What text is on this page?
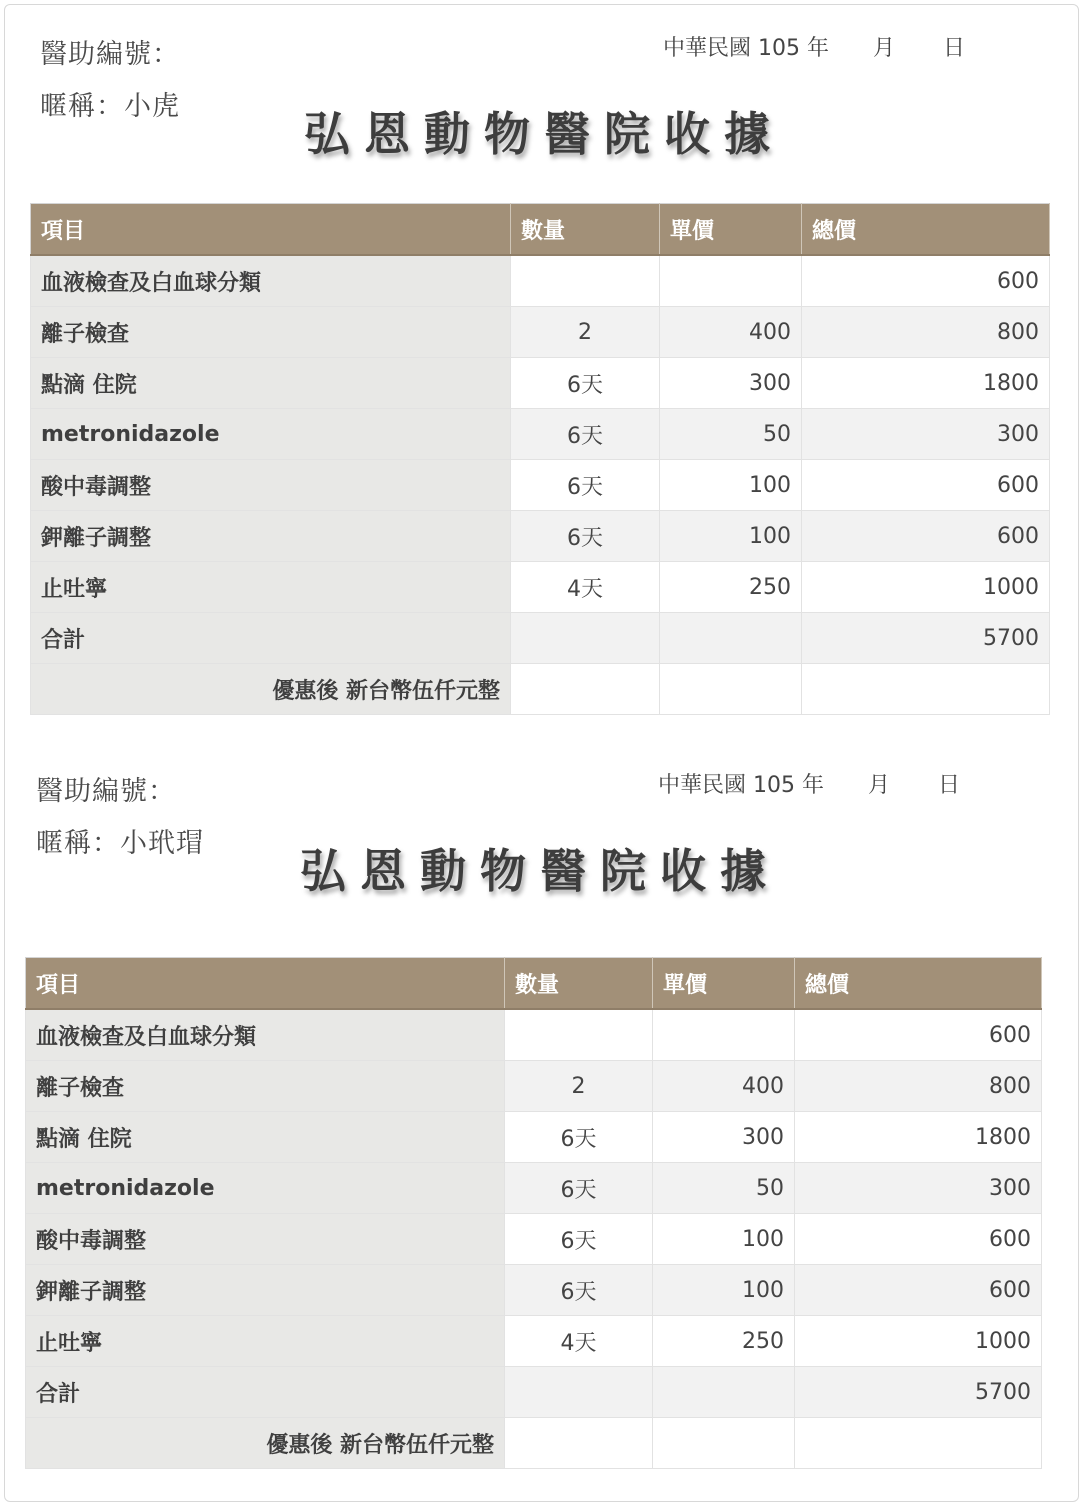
醫助編號：
暱稱：小虎
中華民國 105 年 月 日
弘恩動物醫院收據
項目	數量	單價	總價
血液檢查及白血球分類			600
離子檢查	2	400	800
點滴 住院	6天	300	1800
metronidazole	6天	50	300
酸中毒調整	6天	100	600
鉀離子調整	6天	100	600
止吐寧	4天	250	1000
合計			5700
優惠後 新台幣伍仟元整			
醫助編號：
暱稱：小玳瑁
中華民國 105 年 月 日
弘恩動物醫院收據
項目	數量	單價	總價
血液檢查及白血球分類			600
離子檢查	2	400	800
點滴 住院	6天	300	1800
metronidazole	6天	50	300
酸中毒調整	6天	100	600
鉀離子調整	6天	100	600
止吐寧	4天	250	1000
合計			5700
優惠後 新台幣伍仟元整			
